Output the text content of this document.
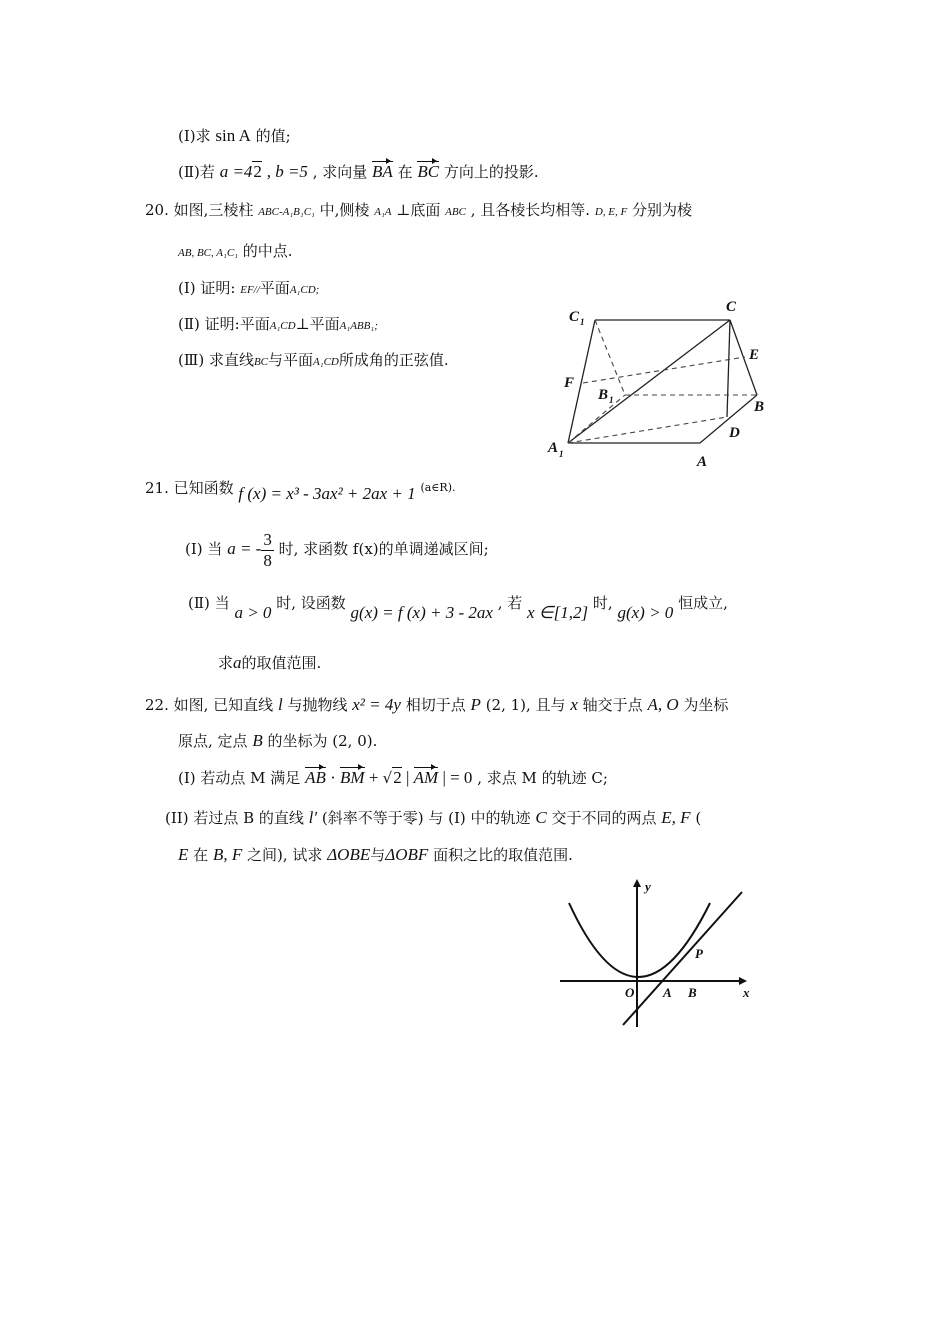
(Ⅰ)求 sin A 的值;
(Ⅱ)若 a =42 , b =5 , 求向量 BA 在 BC 方向上的投影.
20. 如图,三棱柱 ABC-A₁B₁C₁ 中,侧棱 A₁A ⊥底面 ABC , 且各棱长均相等. D, E, F 分别为棱
AB, BC, A₁C₁ 的中点.
(Ⅰ) 证明: EF//平面A₁CD;
(Ⅱ) 证明:平面A₁CD⊥平面A₁ABB₁;
(Ⅲ) 求直线BC与平面A₁CD所成角的正弦值.
C 1
C
E
F
B 1	B
D
A 1	A
21. 已知函数 f (x) = x³ - 3ax² + 2ax + 1 (a∈R).
(Ⅰ) 当 a = - $\frac{3}{8}$ 时, 求函数 f(x)的单调递减区间;
(Ⅱ) 当 a > 0 时, 设函数 g(x) = f (x) + 3 - 2ax , 若 x ∈[1,2] 时, g(x) > 0 恒成立,
求a的取值范围.
22. 如图, 已知直线 l 与抛物线 x² = 4y 相切于点 P (2, 1), 且与 x 轴交于点 A, O 为坐标
原点, 定点 B 的坐标为 (2, 0).
(I) 若动点 M 满足 AB · BM + √2 | AM | = 0 , 求点 M 的轨迹 C;
(II) 若过点 B 的直线 l′ (斜率不等于零) 与 (I) 中的轨迹 C 交于不同的两点 E, F (
E 在 B, F 之间), 试求 ΔOBE与ΔOBF 面积之比的取值范围.
y
x
O A B
P
